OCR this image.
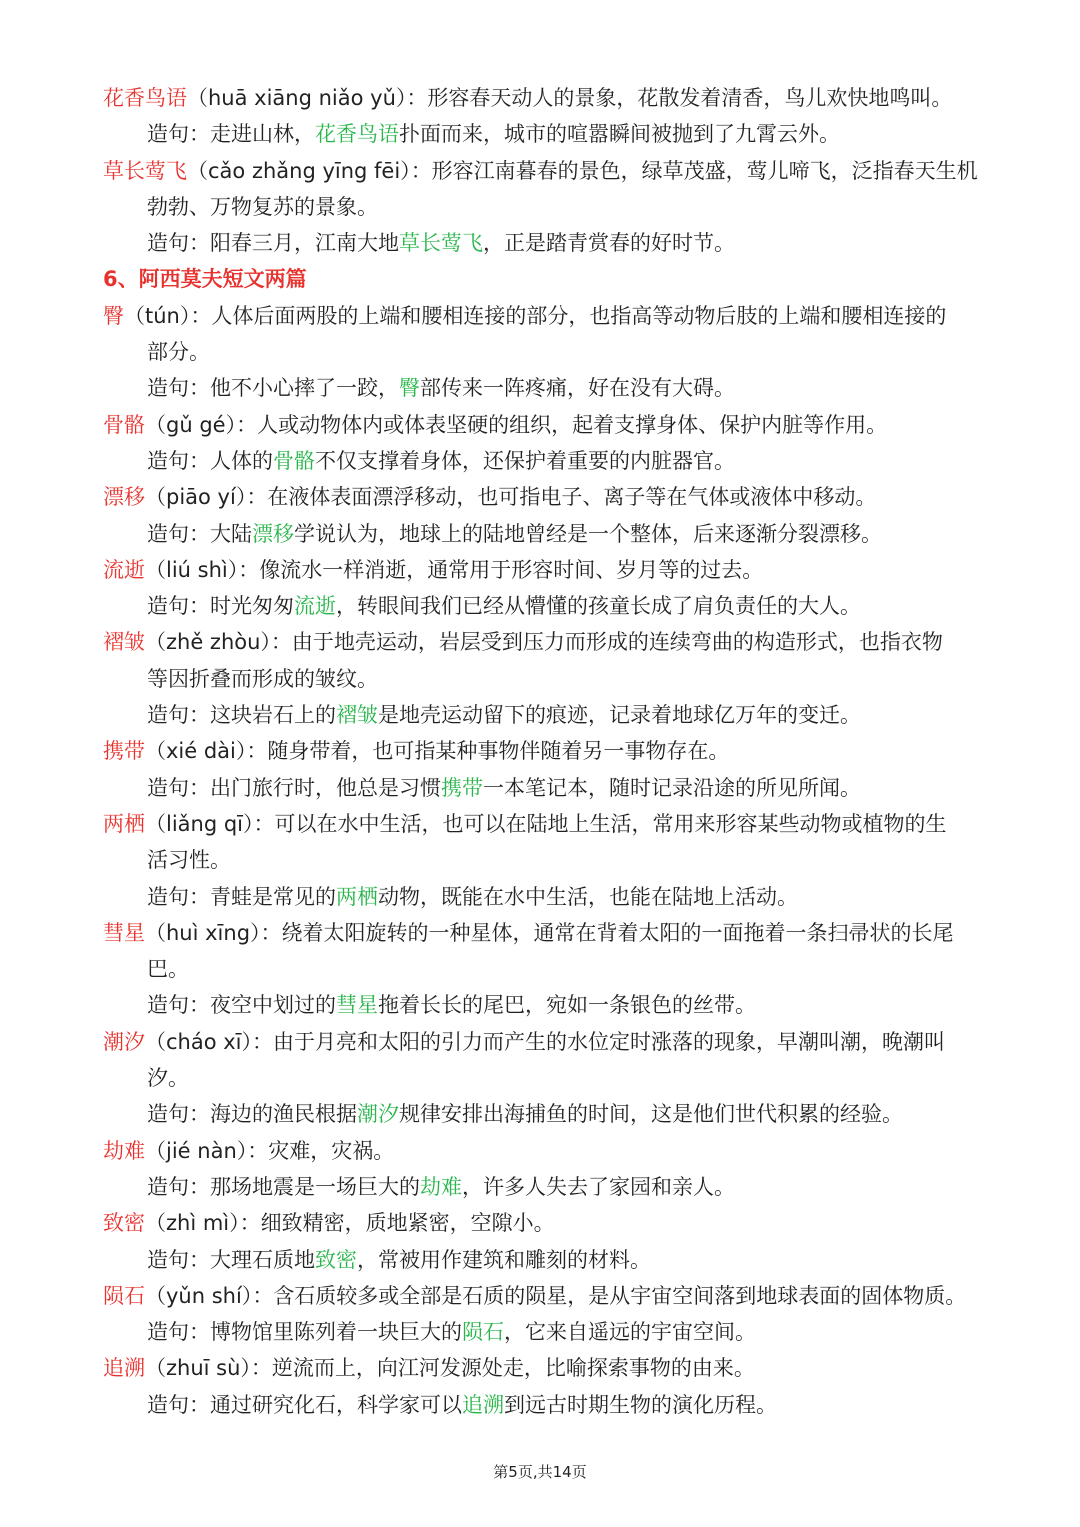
花香鸟语（huā xiāng niǎo yǔ）：形容春天动人的景象，花散发着清香，鸟儿欢快地鸣叫。
造句：走进山林，花香鸟语扑面而来，城市的喧嚣瞬间被抛到了九霄云外。
草长莺飞（cǎo zhǎng yīng fēi）：形容江南暮春的景色，绿草茂盛，莺儿啼飞，泛指春天生机
勃勃、万物复苏的景象。
造句：阳春三月，江南大地草长莺飞，正是踏青赏春的好时节。
6、阿西莫夫短文两篇
臀（tún）：人体后面两股的上端和腰相连接的部分，也指高等动物后肢的上端和腰相连接的
部分。
造句：他不小心摔了一跤，臀部传来一阵疼痛，好在没有大碍。
骨骼（gǔ gé）：人或动物体内或体表坚硬的组织，起着支撑身体、保护内脏等作用。
造句：人体的骨骼不仅支撑着身体，还保护着重要的内脏器官。
漂移（piāo yí）：在液体表面漂浮移动，也可指电子、离子等在气体或液体中移动。
造句：大陆漂移学说认为，地球上的陆地曾经是一个整体，后来逐渐分裂漂移。
流逝（liú shì）：像流水一样消逝，通常用于形容时间、岁月等的过去。
造句：时光匆匆流逝，转眼间我们已经从懵懂的孩童长成了肩负责任的大人。
褶皱（zhě zhòu）：由于地壳运动，岩层受到压力而形成的连续弯曲的构造形式，也指衣物
等因折叠而形成的皱纹。
造句：这块岩石上的褶皱是地壳运动留下的痕迹，记录着地球亿万年的变迁。
携带（xié dài）：随身带着，也可指某种事物伴随着另一事物存在。
造句：出门旅行时，他总是习惯携带一本笔记本，随时记录沿途的所见所闻。
两栖（liǎng qī）：可以在水中生活，也可以在陆地上生活，常用来形容某些动物或植物的生
活习性。
造句：青蛙是常见的两栖动物，既能在水中生活，也能在陆地上活动。
彗星（huì xīng）：绕着太阳旋转的一种星体，通常在背着太阳的一面拖着一条扫帚状的长尾
巴。
造句：夜空中划过的彗星拖着长长的尾巴，宛如一条银色的丝带。
潮汐（cháo xī）：由于月亮和太阳的引力而产生的水位定时涨落的现象，早潮叫潮，晚潮叫
汐。
造句：海边的渔民根据潮汐规律安排出海捕鱼的时间，这是他们世代积累的经验。
劫难（jié nàn）：灾难，灾祸。
造句：那场地震是一场巨大的劫难，许多人失去了家园和亲人。
致密（zhì mì）：细致精密，质地紧密，空隙小。
造句：大理石质地致密，常被用作建筑和雕刻的材料。
陨石（yǔn shí）：含石质较多或全部是石质的陨星，是从宇宙空间落到地球表面的固体物质。
造句：博物馆里陈列着一块巨大的陨石，它来自遥远的宇宙空间。
追溯（zhuī sù）：逆流而上，向江河发源处走，比喻探索事物的由来。
造句：通过研究化石，科学家可以追溯到远古时期生物的演化历程。
第5页,共14页
